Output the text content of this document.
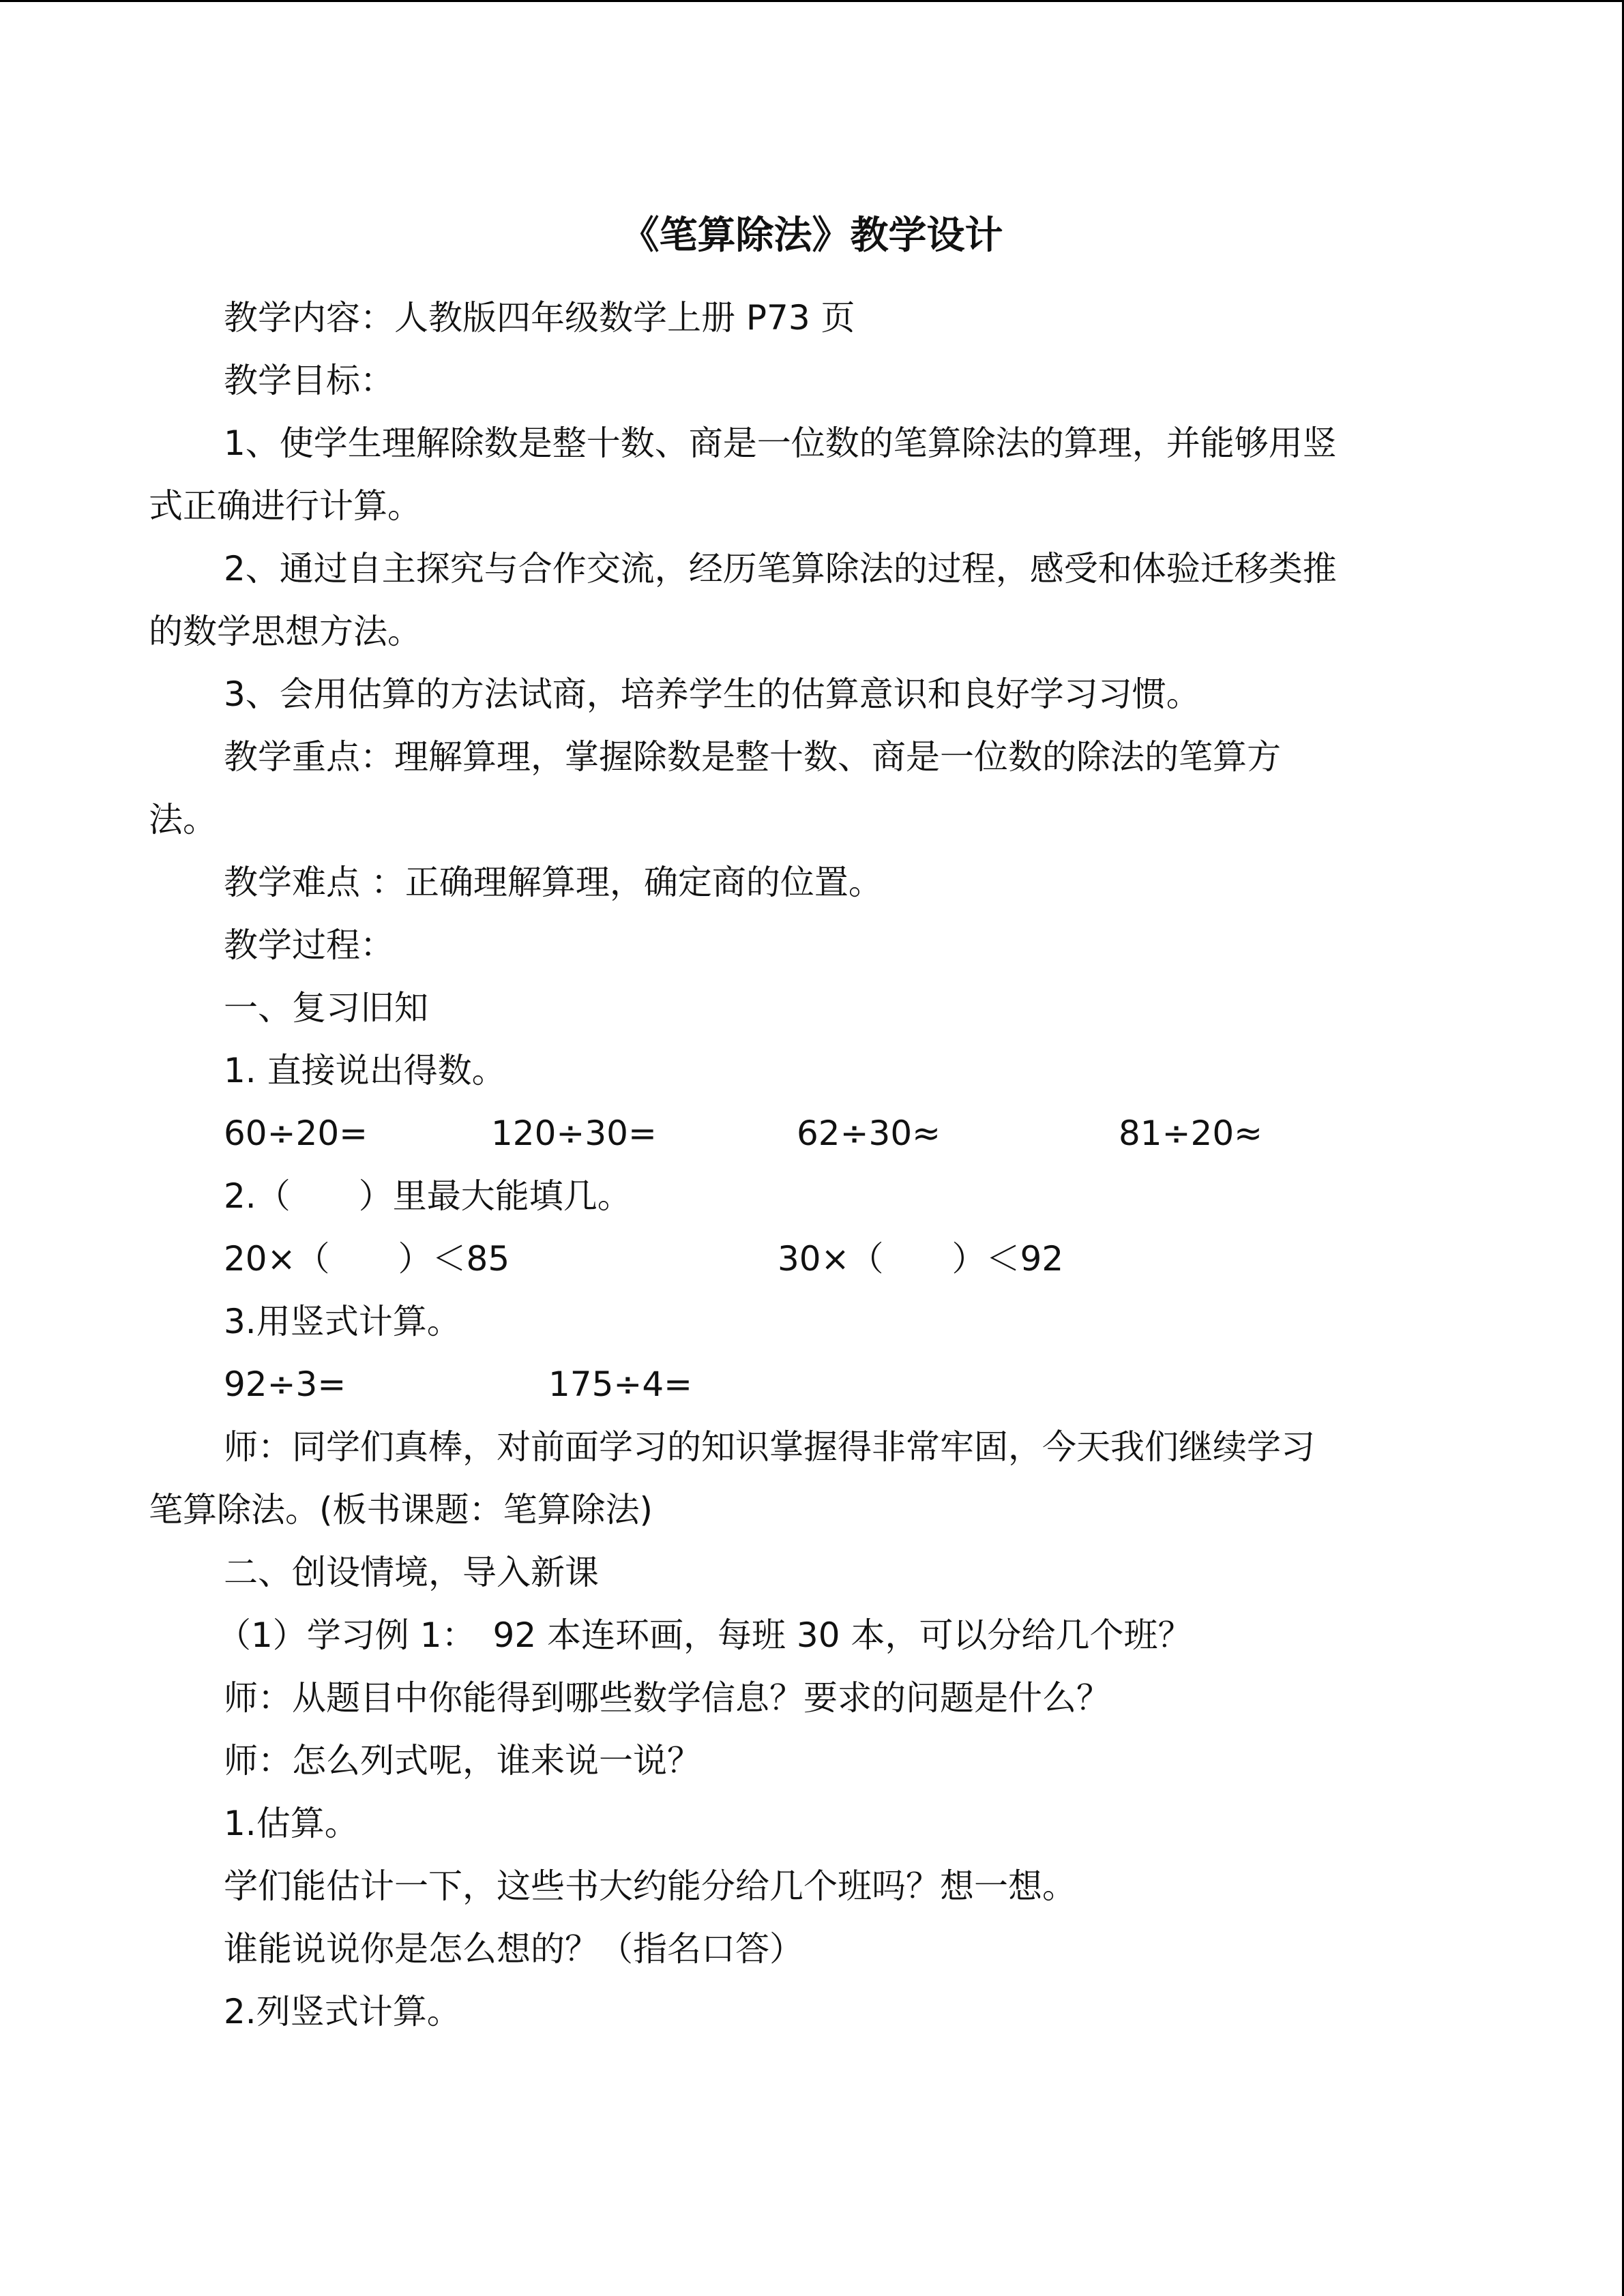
《笔算除法》教学设计
教学内容：人教版四年级数学上册 P73 页
教学目标：
1、使学生理解除数是整十数、商是一位数的笔算除法的算理，并能够用竖
式正确进行计算。
2、通过自主探究与合作交流，经历笔算除法的过程，感受和体验迁移类推
的数学思想方法。
3、会用估算的方法试商，培养学生的估算意识和良好学习习惯。
教学重点：理解算理，掌握除数是整十数、商是一位数的除法的笔算方
法。
教学难点 ：正确理解算理，确定商的位置。
教学过程：
一、复习旧知
1. 直接说出得数。
60÷20=	120÷30=	62÷30≈	81÷20≈
2.（　　）里最大能填几。
20×（　　）＜85	30×（　　）＜92
3.用竖式计算。
92÷3=	175÷4=
师：同学们真棒，对前面学习的知识掌握得非常牢固，今天我们继续学习
笔算除法。(板书课题：笔算除法)
二、创设情境，导入新课
（1）学习例 1：　92 本连环画，每班 30 本，可以分给几个班？
师：从题目中你能得到哪些数学信息？要求的问题是什么？
师：怎么列式呢，谁来说一说？
1.估算。
学们能估计一下，这些书大约能分给几个班吗？想一想。
谁能说说你是怎么想的？（指名口答）
2.列竖式计算。
